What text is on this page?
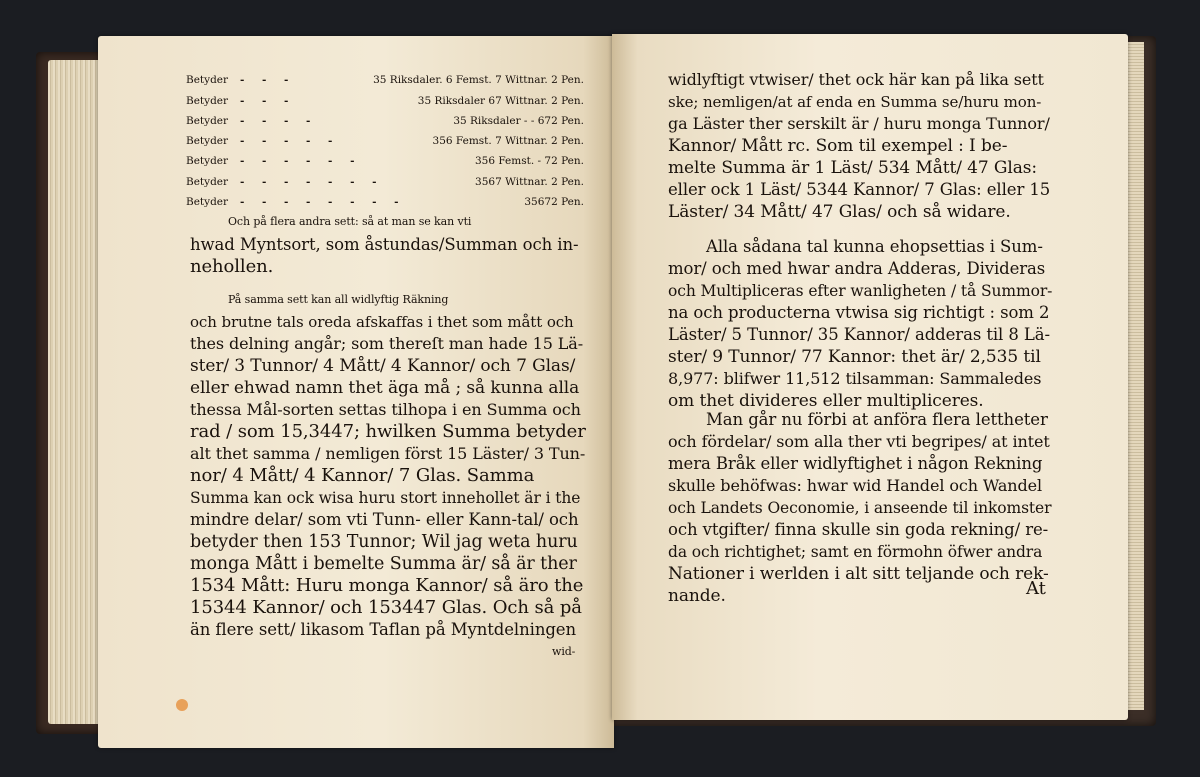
Betyder	- - -	35 Riksdaler. 6 Femst. 7 Wittnar. 2 Pen.
Betyder	- - -	35 Riksdaler 67 Wittnar. 2 Pen.
Betyder	- - - -	35 Riksdaler - - 672 Pen.
Betyder	- - - - -	356 Femst. 7 Wittnar. 2 Pen.
Betyder	- - - - - -	356 Femst. - 72 Pen.
Betyder	- - - - - - -	3567 Wittnar. 2 Pen.
Betyder	- - - - - - - -	35672 Pen.
Och på flera andra sett: så at man se kan vti
hwad Myntsort, som åstundas/Summan och in-
nehollen.
På samma sett kan all widlyftig Räkning
och brutne tals oreda afskaffas i thet som mått och
thes delning angår; som thereſt man hade 15 Lä-
ster/ 3 Tunnor/ 4 Mått/ 4 Kannor/ och 7 Glas/
eller ehwad namn thet äga må ; så kunna alla
thessa Mål-sorten settas tilhopa i en Summa och
rad / som 15,3447; hwilken Summa betyder
alt thet samma / nemligen först 15 Läster/ 3 Tun-
nor/ 4 Mått/ 4 Kannor/ 7 Glas. Samma
Summa kan ock wisa huru stort innehollet är i the
mindre delar/ som vti Tunn- eller Kann-tal/ och
betyder then 153 Tunnor; Wil jag weta huru
monga Mått i bemelte Summa är/ så är ther
1534 Mått: Huru monga Kannor/ så äro the
15344 Kannor/ och 153447 Glas. Och så på
än flere sett/ likasom Taflan på Myntdelningen
wid-
widlyftigt vtwiser/ thet ock här kan på lika sett
ske; nemligen/at af enda en Summa se/huru mon-
ga Läster ther serskilt är / huru monga Tunnor/
Kannor/ Mått rc. Som til exempel : I be-
melte Summa är 1 Läst/ 534 Mått/ 47 Glas:
eller ock 1 Läst/ 5344 Kannor/ 7 Glas: eller 15
Läster/ 34 Mått/ 47 Glas/ och så widare.
Alla sådana tal kunna ehopsettias i Sum-
mor/ och med hwar andra Adderas, Divideras
och Multipliceras efter wanligheten / tå Summor-
na och producterna vtwisa sig richtigt : som 2
Läster/ 5 Tunnor/ 35 Kannor/ adderas til 8 Lä-
ster/ 9 Tunnor/ 77 Kannor: thet är/ 2,535 til
8,977: blifwer 11,512 tilsamman: Sammaledes
om thet divideres eller multipliceres.
Man går nu förbi at anföra flera lettheter
och fördelar/ som alla ther vti begripes/ at intet
mera Bråk eller widlyftighet i någon Rekning
skulle behöfwas: hwar wid Handel och Wandel
och Landets Oeconomie, i anseende til inkomster
och vtgifter/ finna skulle sin goda rekning/ re-
da och richtighet; samt en förmohn öfwer andra
Nationer i werlden i alt sitt teljande och rek-
nande.	At
